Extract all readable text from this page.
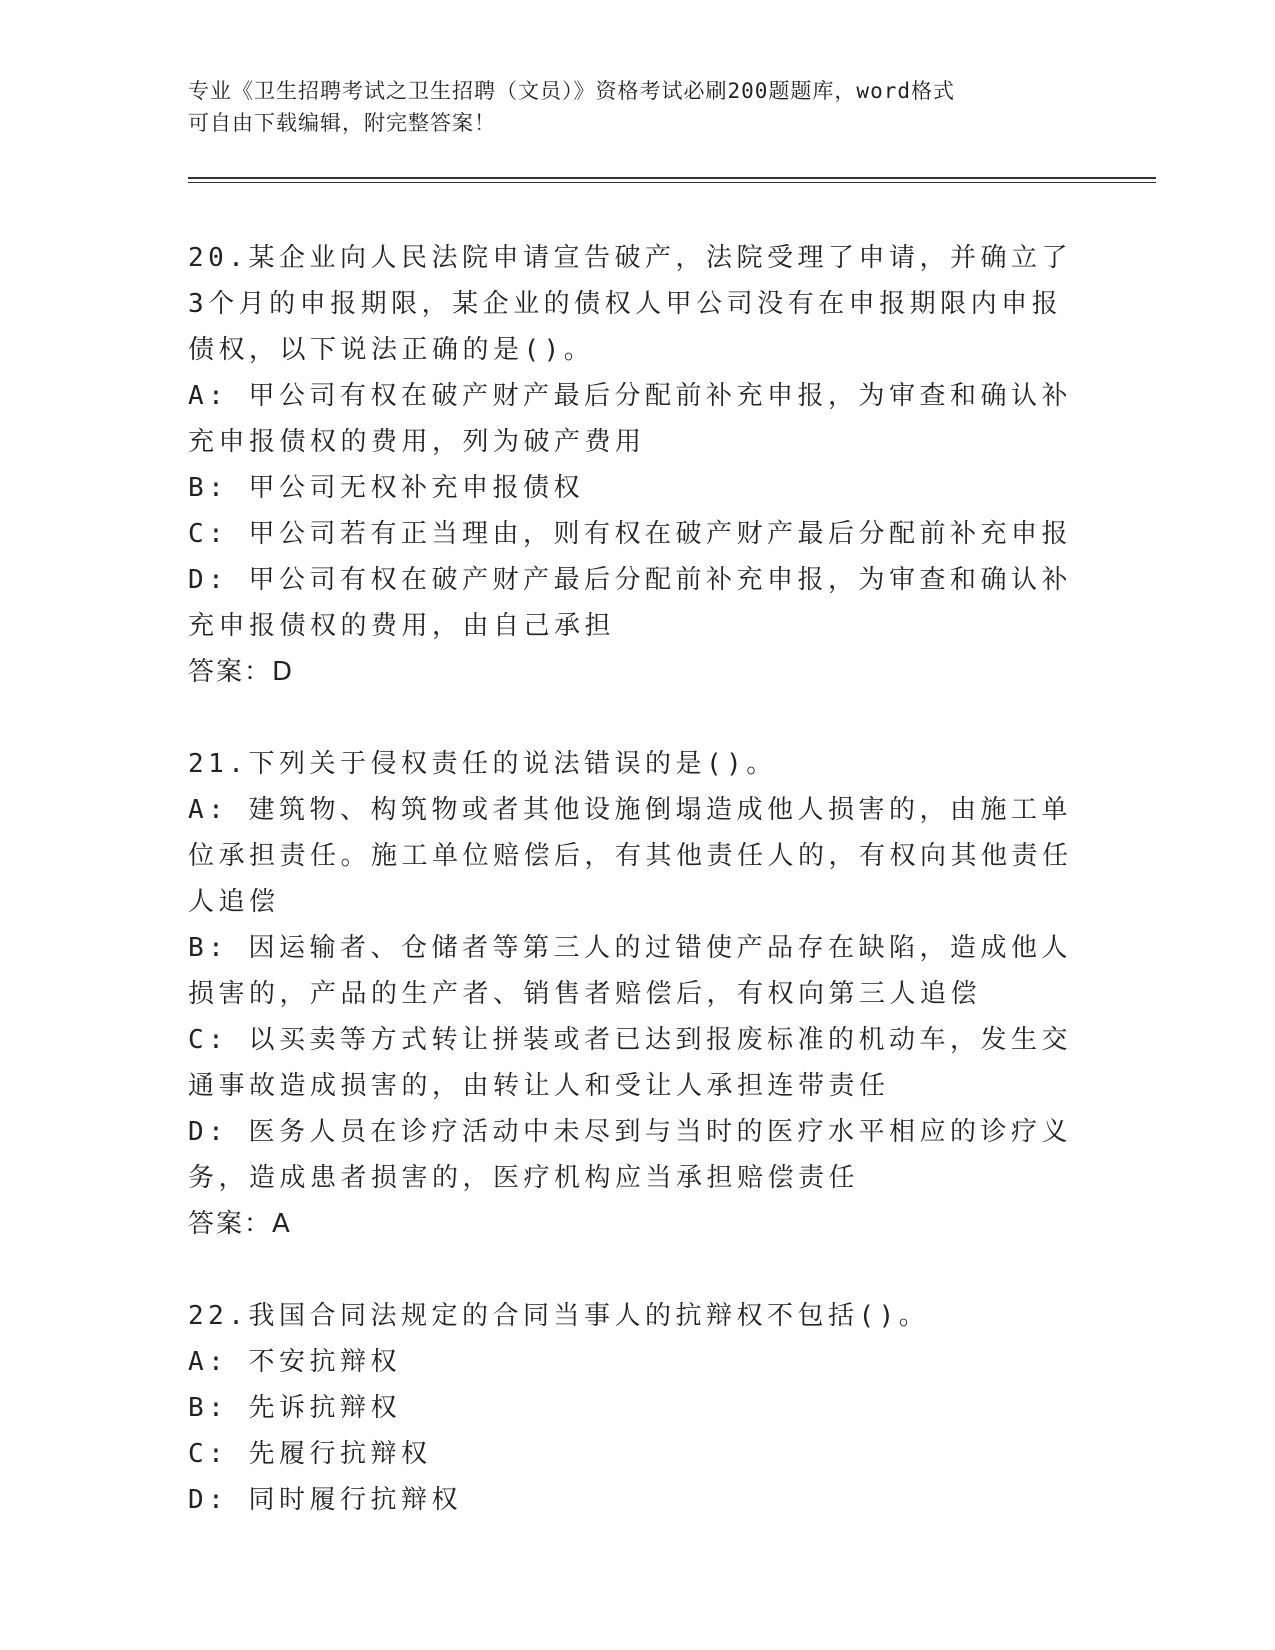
专业《卫生招聘考试之卫生招聘（文员）》资格考试必刷200题题库，word格式
可自由下载编辑，附完整答案！

20.某企业向人民法院申请宣告破产，法院受理了申请，并确立了3个月的申报期限，某企业的债权人甲公司没有在申报期限内申报债权，以下说法正确的是()。

A: 甲公司有权在破产财产最后分配前补充申报，为审查和确认补充申报债权的费用，列为破产费用

B: 甲公司无权补充申报债权

C: 甲公司若有正当理由，则有权在破产财产最后分配前补充申报

D: 甲公司有权在破产财产最后分配前补充申报，为审查和确认补充申报债权的费用，由自己承担

答案：D

21.下列关于侵权责任的说法错误的是()。

A: 建筑物、构筑物或者其他设施倒塌造成他人损害的，由施工单位承担责任。施工单位赔偿后，有其他责任人的，有权向其他责任人追偿

B: 因运输者、仓储者等第三人的过错使产品存在缺陷，造成他人损害的，产品的生产者、销售者赔偿后，有权向第三人追偿

C: 以买卖等方式转让拼装或者已达到报废标准的机动车，发生交通事故造成损害的，由转让人和受让人承担连带责任

D: 医务人员在诊疗活动中未尽到与当时的医疗水平相应的诊疗义务，造成患者损害的，医疗机构应当承担赔偿责任

答案：A

22.我国合同法规定的合同当事人的抗辩权不包括()。

A: 不安抗辩权

B: 先诉抗辩权

C: 先履行抗辩权

D: 同时履行抗辩权
